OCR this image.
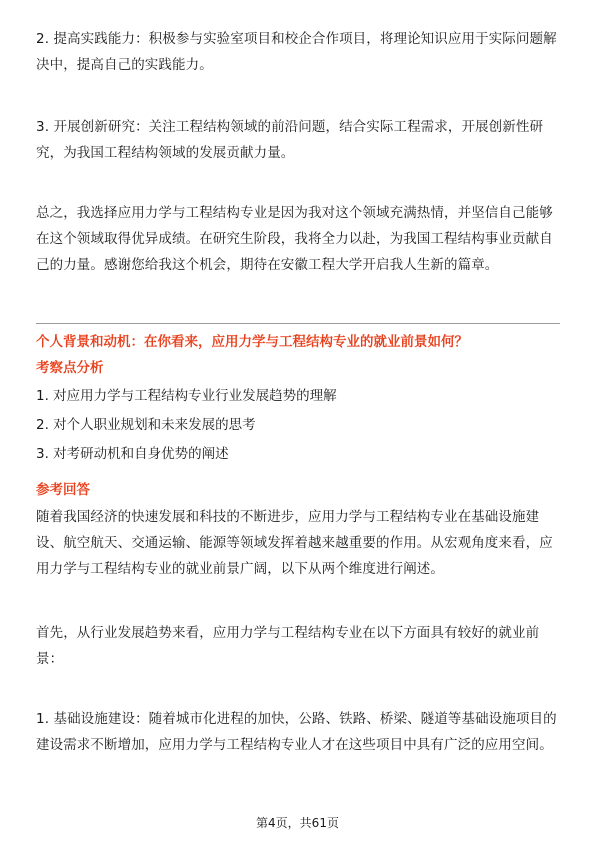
2. 提高实践能力：积极参与实验室项目和校企合作项目，将理论知识应用于实际问题解决中，提高自己的实践能力。

3. 开展创新研究：关注工程结构领域的前沿问题，结合实际工程需求，开展创新性研究，为我国工程结构领域的发展贡献力量。

总之，我选择应用力学与工程结构专业是因为我对这个领域充满热情，并坚信自己能够在这个领域取得优异成绩。在研究生阶段，我将全力以赴，为我国工程结构事业贡献自己的力量。感谢您给我这个机会，期待在安徽工程大学开启我人生新的篇章。

个人背景和动机：在你看来，应用力学与工程结构专业的就业前景如何？
考察点分析
1. 对应用力学与工程结构专业行业发展趋势的理解
2. 对个人职业规划和未来发展的思考
3. 对考研动机和自身优势的阐述
参考回答

随着我国经济的快速发展和科技的不断进步，应用力学与工程结构专业在基础设施建设、航空航天、交通运输、能源等领域发挥着越来越重要的作用。从宏观角度来看，应用力学与工程结构专业的就业前景广阔，以下从两个维度进行阐述。

首先，从行业发展趋势来看，应用力学与工程结构专业在以下方面具有较好的就业前景：

1. 基础设施建设：随着城市化进程的加快，公路、铁路、桥梁、隧道等基础设施项目的建设需求不断增加，应用力学与工程结构专业人才在这些项目中具有广泛的应用空间。

第4页，共61页
